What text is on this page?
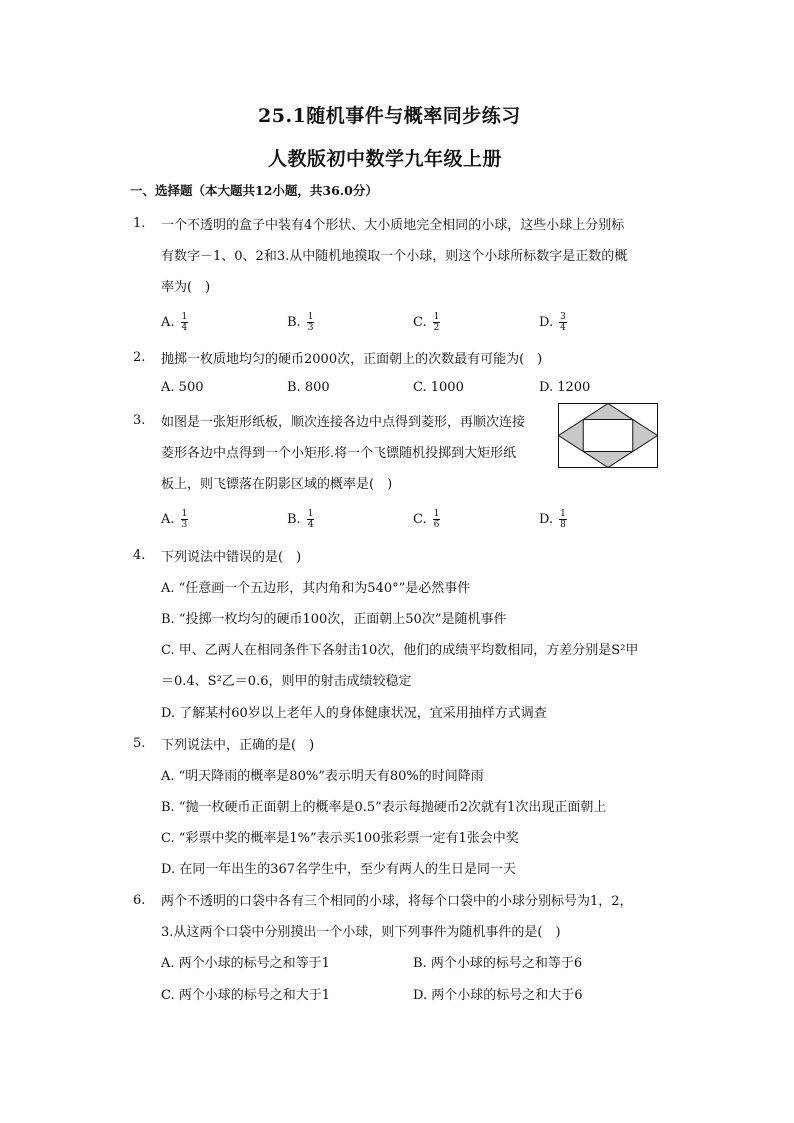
25.1随机事件与概率同步练习
人教版初中数学九年级上册
一、选择题（本大题共12小题，共36.0分）
1. 一个不透明的盒子中装有4个形状、大小质地完全相同的小球，这些小球上分别标
有数字－1、0、2和3.从中随机地摸取一个小球，则这个小球所标数字是正数的概
率为(　)
A. $\frac{1}{4}$	B. $\frac{1}{3}$	C. $\frac{1}{2}$	D. $\frac{3}{4}$
2. 抛掷一枚质地均匀的硬币2000次，正面朝上的次数最有可能为(　)
A. 500	B. 800	C. 1000	D. 1200
3. 如图是一张矩形纸板，顺次连接各边中点得到菱形，再顺次连接
菱形各边中点得到一个小矩形.将一个飞镖随机投掷到大矩形纸
板上，则飞镖落在阴影区域的概率是(　)
A. $\frac{1}{3}$	B. $\frac{1}{4}$	C. $\frac{1}{6}$	D. $\frac{1}{8}$
4. 下列说法中错误的是(　)
A. “任意画一个五边形，其内角和为540°”是必然事件
B. “投掷一枚均匀的硬币100次，正面朝上50次”是随机事件
C. 甲、乙两人在相同条件下各射击10次，他们的成绩平均数相同，方差分别是S²甲
＝0.4、S²乙＝0.6，则甲的射击成绩较稳定
D. 了解某村60岁以上老年人的身体健康状况，宜采用抽样方式调查
5. 下列说法中，正确的是(　)
A. “明天降雨的概率是80%”表示明天有80%的时间降雨
B. “抛一枚硬币正面朝上的概率是0.5”表示每抛硬币2次就有1次出现正面朝上
C. “彩票中奖的概率是1%”表示买100张彩票一定有1张会中奖
D. 在同一年出生的367名学生中，至少有两人的生日是同一天
6. 两个不透明的口袋中各有三个相同的小球，将每个口袋中的小球分别标号为1，2，
3.从这两个口袋中分别摸出一个小球，则下列事件为随机事件的是(　)
A. 两个小球的标号之和等于1	B. 两个小球的标号之和等于6
C. 两个小球的标号之和大于1	D. 两个小球的标号之和大于6
